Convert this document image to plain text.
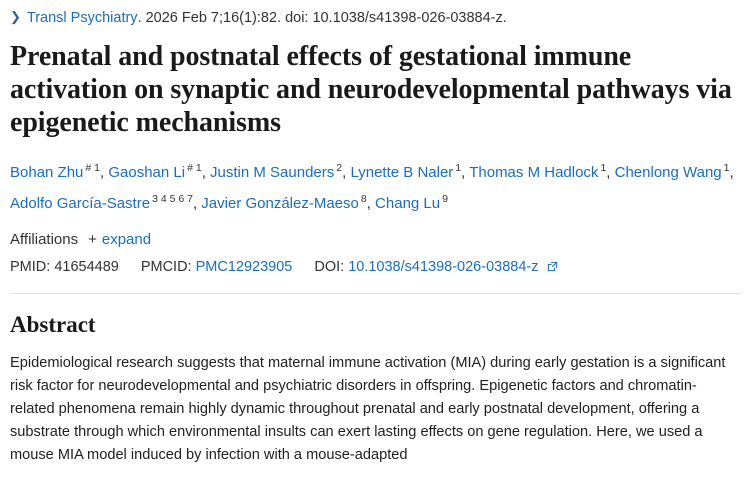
❯ Transl Psychiatry . 2026 Feb 7;16(1):82. doi: 10.1038/s41398-026-03884-z.
Prenatal and postnatal effects of gestational immune activation on synaptic and neurodevelopmental pathways via epigenetic mechanisms
Bohan Zhu $^{\# 1}$, Gaoshan Li $^{\# 1}$, Justin M Saunders $^2$, Lynette B Naler $^1$, Thomas M Hadlock $^1$, Chenlong Wang $^1$, Adolfo García-Sastre $^{3 4 5 6 7}$, Javier González-Maeso $^8$, Chang Lu $^9$
Affiliations + expand
PMID: 41654489 PMCID: PMC12923905 DOI: 10.1038/s41398-026-03884-z
Abstract

Epidemiological research suggests that maternal immune activation (MIA) during early gestation is a significant risk factor for neurodevelopmental and psychiatric disorders in offspring. Epigenetic factors and chromatin-related phenomena remain highly dynamic throughout prenatal and early postnatal development, offering a substrate through which environmental insults can exert lasting effects on gene regulation. Here, we used a mouse MIA model induced by infection with a mouse-adapted
